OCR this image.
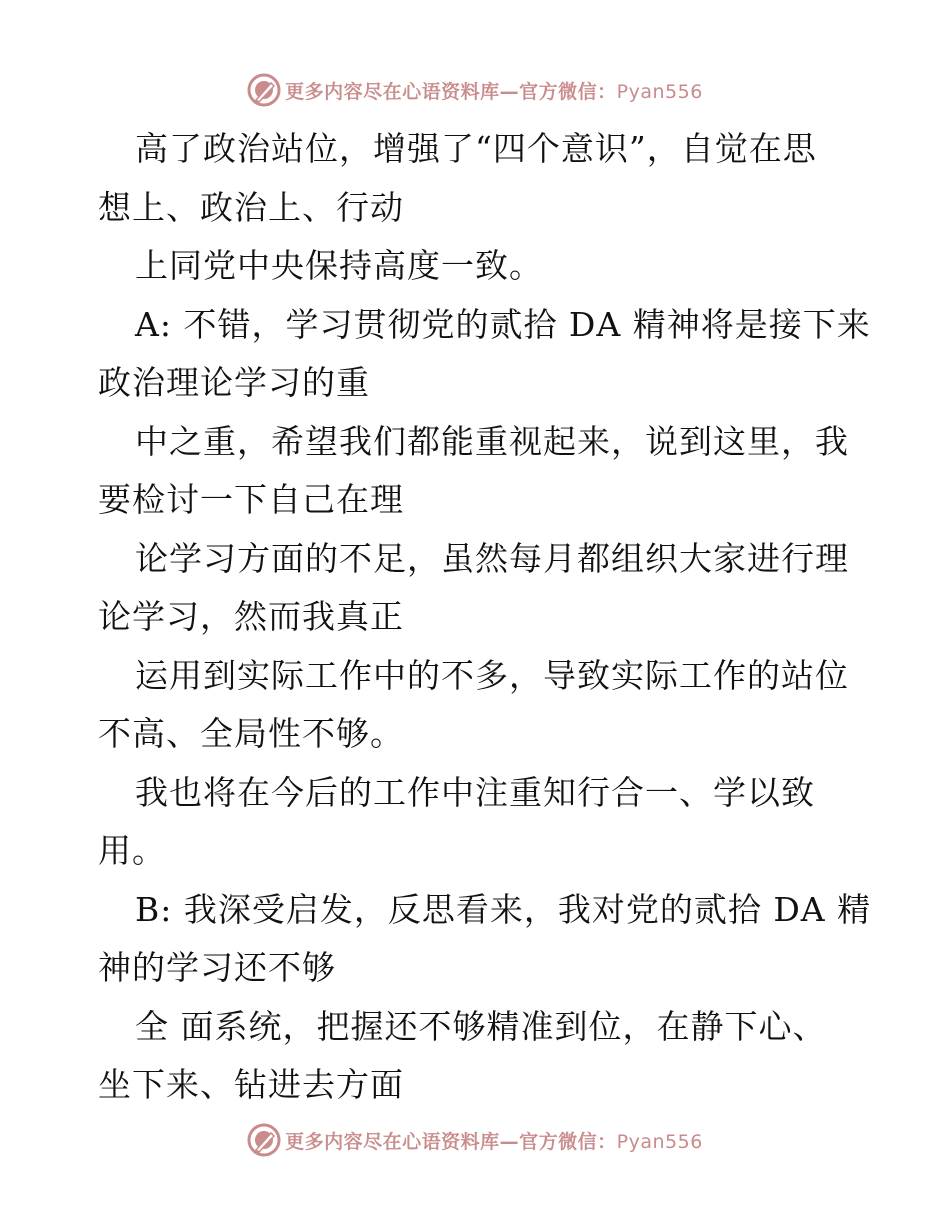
更多内容尽在心语资料库—官方微信：Pyan556
高了政治站位，增强了“四个意识”，自觉在思
想上、政治上、行动
上同党中央保持高度一致。
A: 不错，学习贯彻党的贰拾 DA 精神将是接下来
政治理论学习的重
中之重，希望我们都能重视起来，说到这里，我
要检讨一下自己在理
论学习方面的不足，虽然每月都组织大家进行理
论学习，然而我真正
运用到实际工作中的不多，导致实际工作的站位
不高、全局性不够。
我也将在今后的工作中注重知行合一、学以致
用。
B: 我深受启发，反思看来，我对党的贰拾 DA 精
神的学习还不够
全 面系统，把握还不够精准到位，在静下心、
坐下来、钻进去方面
更多内容尽在心语资料库—官方微信：Pyan556
